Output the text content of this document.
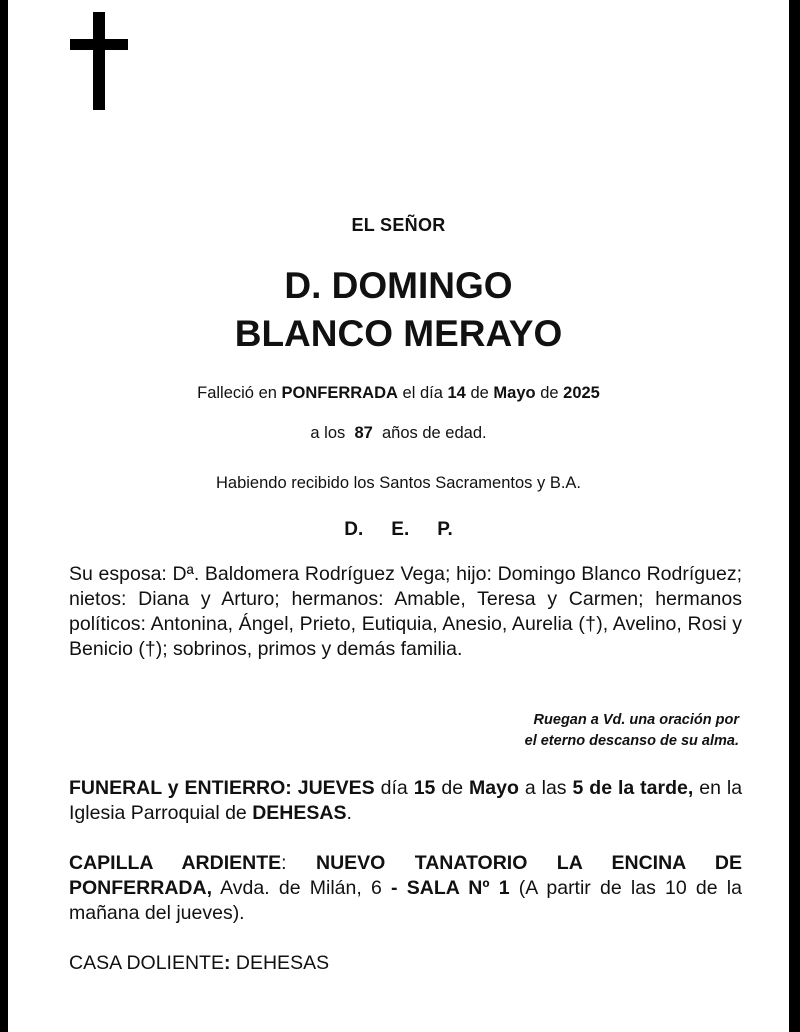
EL SEÑOR
D. DOMINGO
BLANCO MERAYO
Falleció en PONFERRADA el día 14 de Mayo de 2025
a los 87 años de edad.
Habiendo recibido los Santos Sacramentos y B.A.
D. E. P.
Su esposa: Dª. Baldomera Rodríguez Vega; hijo: Domingo Blanco Rodríguez; nietos: Diana y Arturo; hermanos: Amable, Teresa y Carmen; hermanos políticos: Antonina, Ángel, Prieto, Eutiquia, Anesio, Aurelia (†), Avelino, Rosi y Benicio (†); sobrinos, primos y demás familia.
Ruegan a Vd. una oración por
el eterno descanso de su alma.
FUNERAL y ENTIERRO: JUEVES día 15 de Mayo a las 5 de la tarde, en la Iglesia Parroquial de DEHESAS.
CAPILLA ARDIENTE: NUEVO TANATORIO LA ENCINA DE PONFERRADA, Avda. de Milán, 6 - SALA Nº 1 (A partir de las 10 de la mañana del jueves).
CASA DOLIENTE: DEHESAS
